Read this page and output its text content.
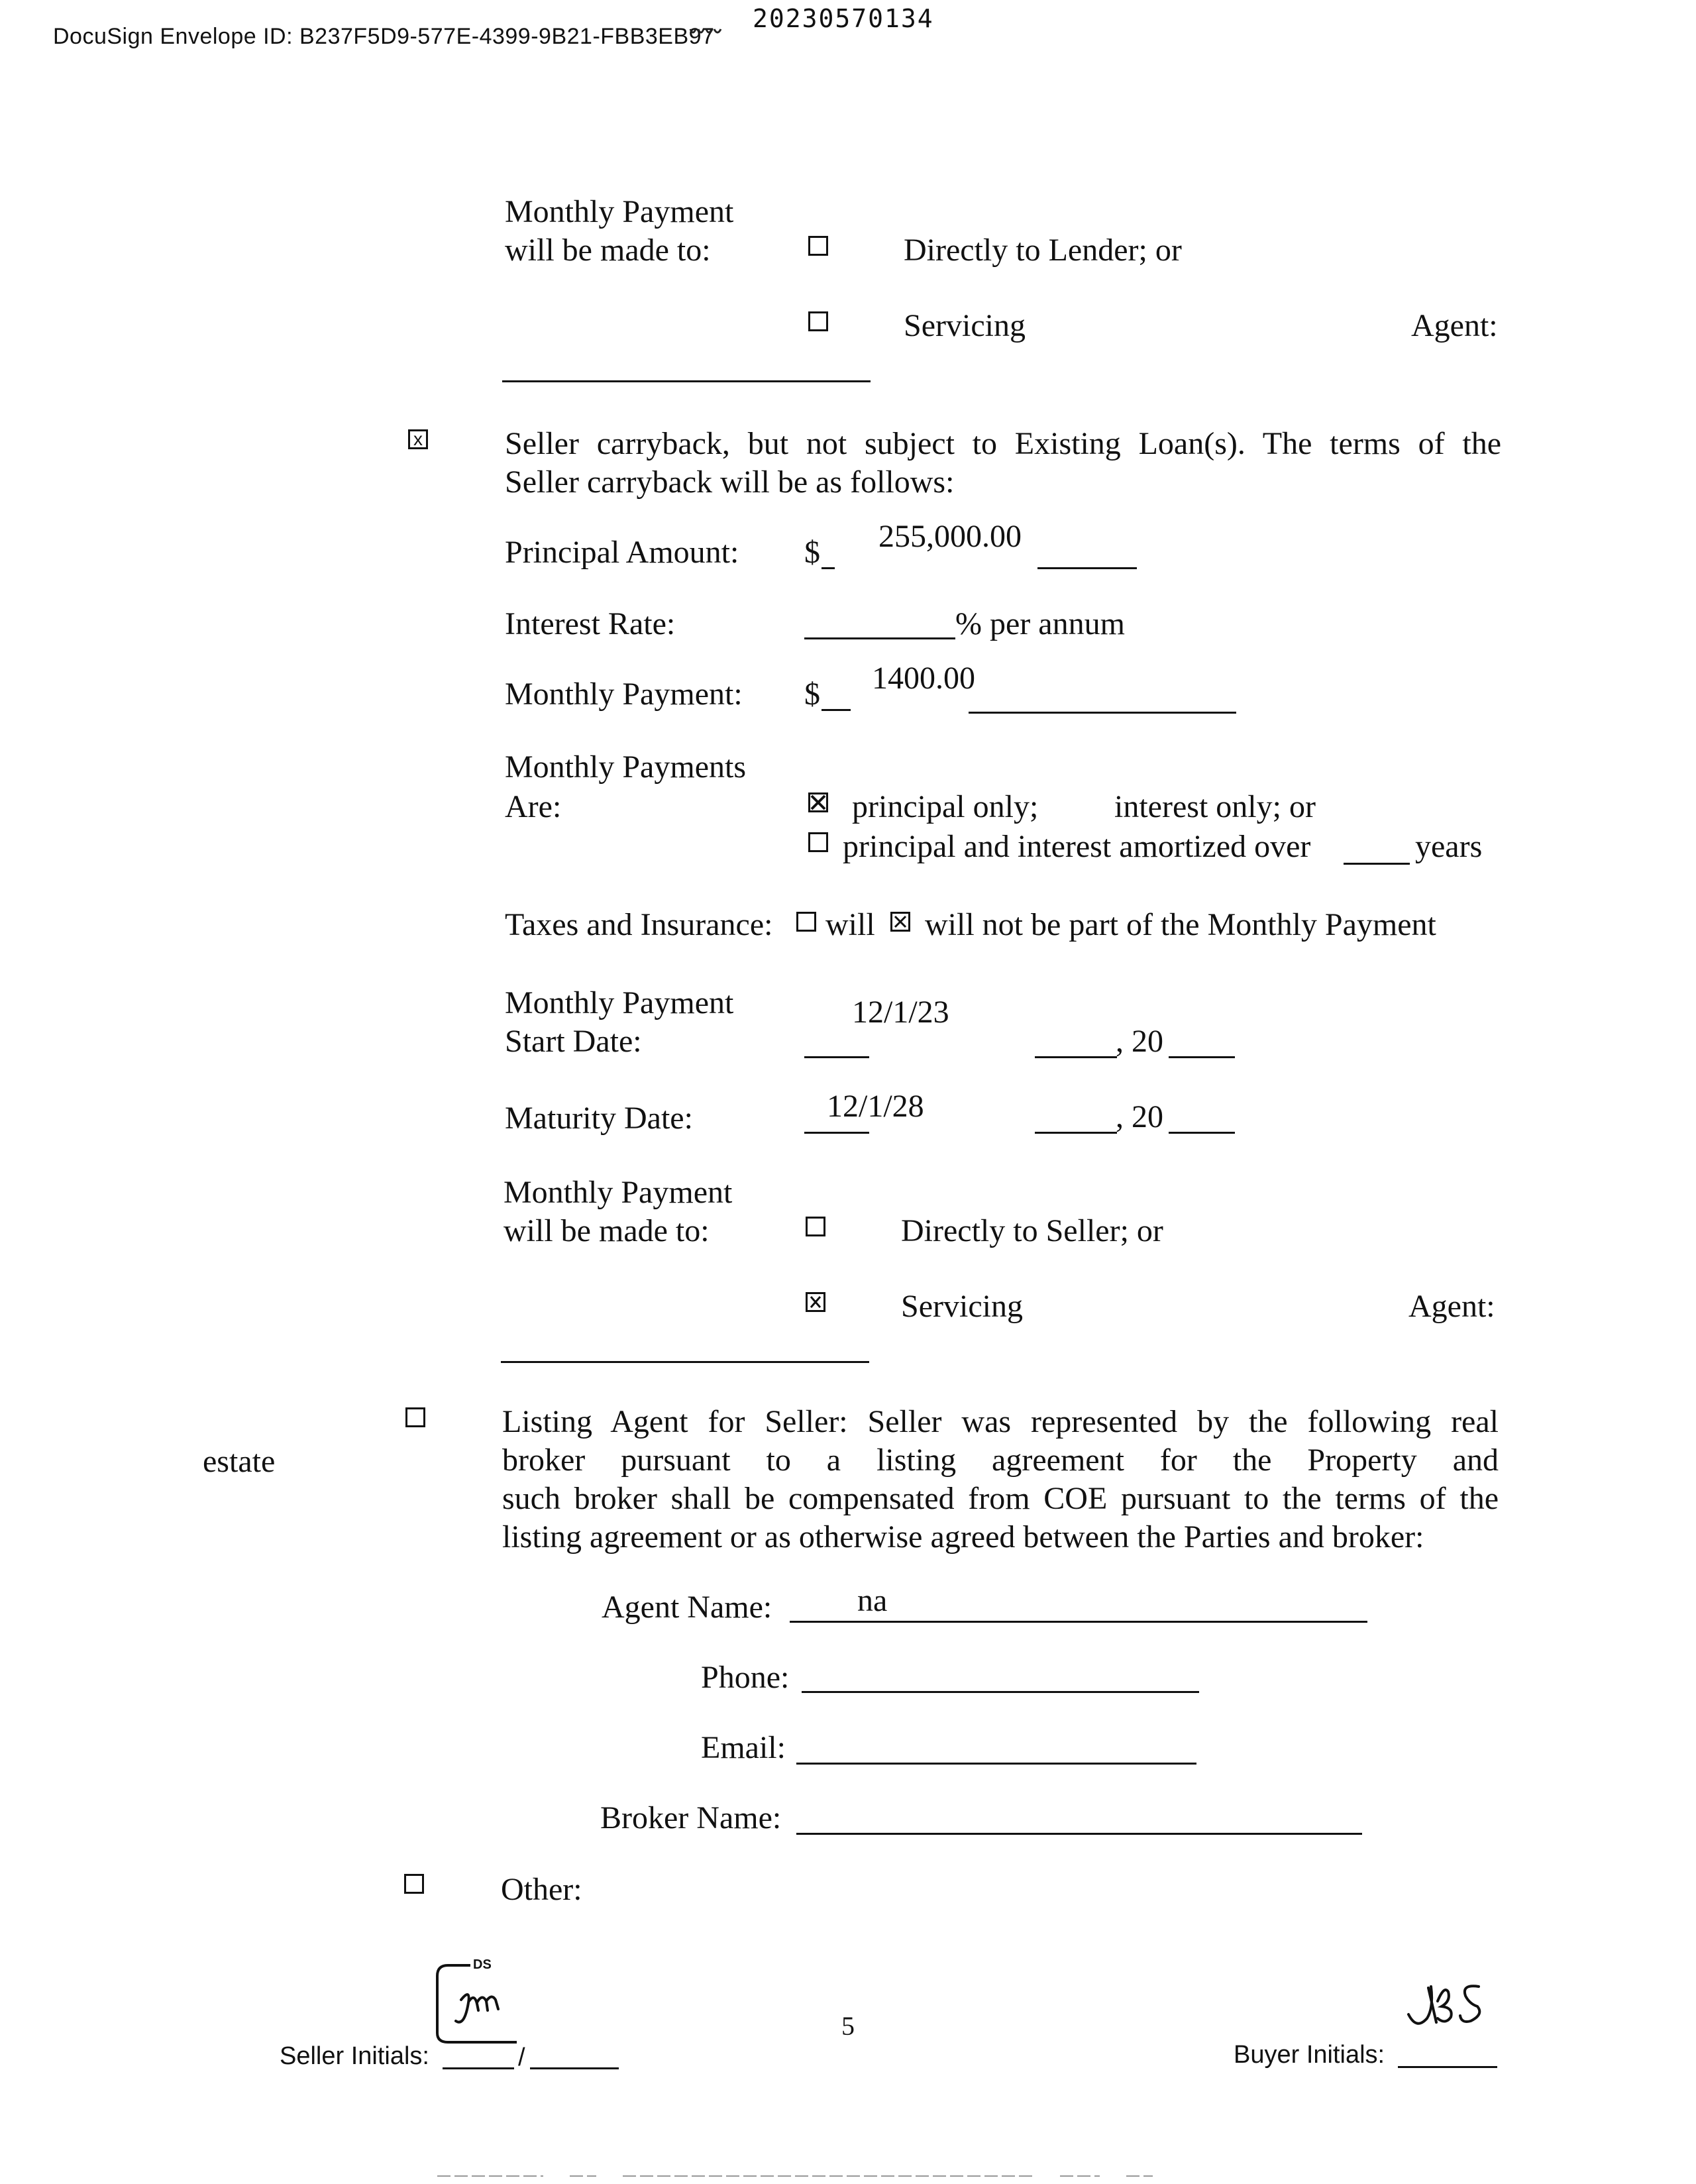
DocuSign Envelope ID: B237F5D9-577E-4399-9B21-FBB3EB97
20230570134
Monthly Payment
will be made to:	Directly to Lender; or
Servicing	Agent:
x	Seller carryback, but not subject to Existing Loan(s). The terms of the
Seller carryback will be as follows:
Principal Amount: $ 255,000.00
Interest Rate:	% per annum
Monthly Payment: $ 1400.00
Monthly Payments
Are:	principal only; interest only; or
principal and interest amortized over	years
Taxes and Insurance: will will not be part of the Monthly Payment
Monthly Payment
Start Date:
12/1/23
, 20
Maturity Date:	12/1/28	, 20
Monthly Payment
will be made to:	Directly to Seller; or
Servicing	Agent:
estate
Listing Agent for Seller: Seller was represented by the following real
broker pursuant to a listing agreement for the Property and
such broker shall be compensated from COE pursuant to the terms of the
listing agreement or as otherwise agreed between the Parties and broker:
Agent Name:	na
Phone:
Email:
Broker Name:
Other:
Seller Initials:	/
DS
5
Buyer Initials:
